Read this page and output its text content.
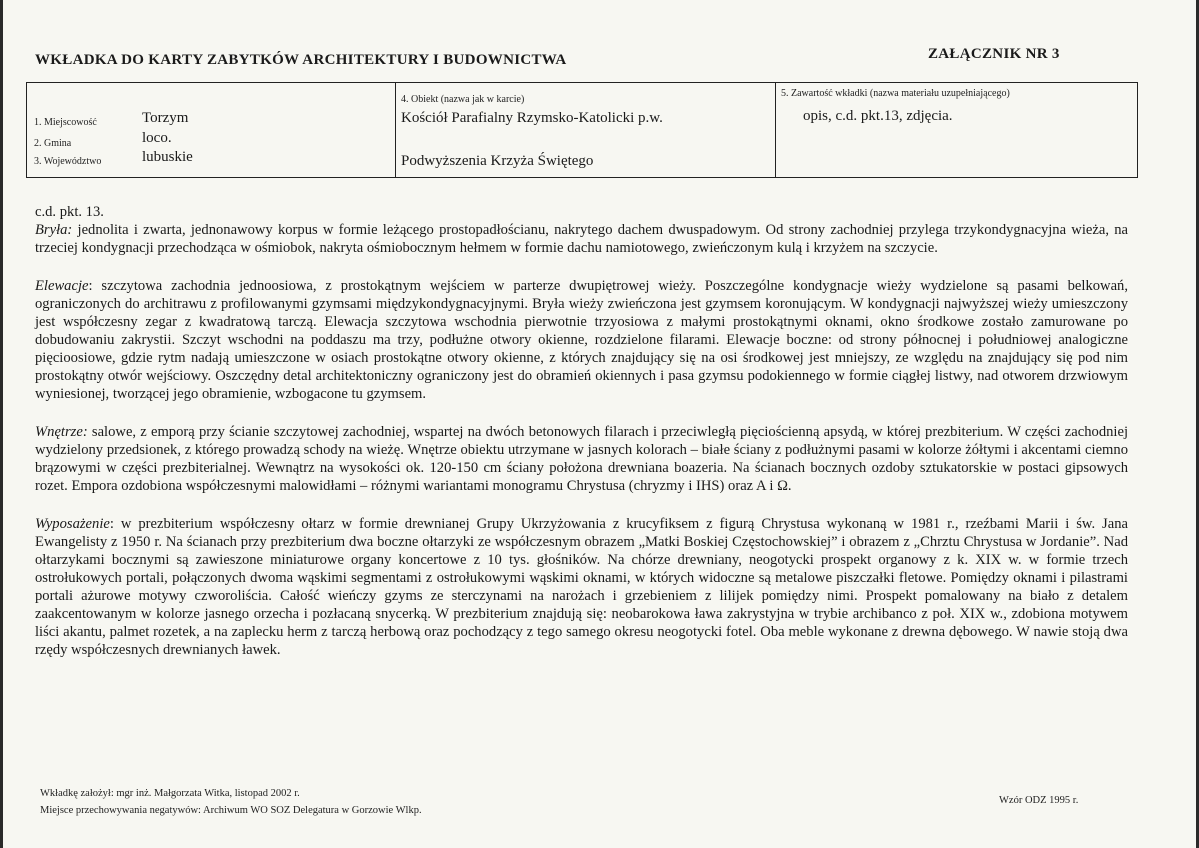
WKŁADKA DO KARTY ZABYTKÓW ARCHITEKTURY I BUDOWNICTWA	ZAŁĄCZNIK NR 3
1. Miejscowość	Torzym
2. Gmina	loco.
3. Województwo	lubuskie
4. Obiekt (nazwa jak w karcie)
Kościół Parafialny Rzymsko-Katolicki p.w.
Podwyższenia Krzyża Świętego
5. Zawartość wkładki (nazwa materiału uzupełniającego)
opis, c.d. pkt.13, zdjęcia.

c.d. pkt. 13.

Bryła: jednolita i zwarta, jednonawowy korpus w formie leżącego prostopadłościanu, nakrytego dachem dwuspadowym. Od strony zachodniej przylega trzykondygnacyjna wieża, na trzeciej kondygnacji przechodząca w ośmiobok, nakryta ośmiobocznym hełmem w formie dachu namiotowego, zwieńczonym kulą i krzyżem na szczycie.

Elewacje: szczytowa zachodnia jednoosiowa, z prostokątnym wejściem w parterze dwupiętrowej wieży. Poszczególne kondygnacje wieży wydzielone są pasami belkowań, ograniczonych do architrawu z profilowanymi gzymsami międzykondygnacyjnymi. Bryła wieży zwieńczona jest gzymsem koronującym. W kondygnacji najwyższej wieży umieszczony jest współczesny zegar z kwadratową tarczą. Elewacja szczytowa wschodnia pierwotnie trzyosiowa z małymi prostokątnymi oknami, okno środkowe zostało zamurowane po dobudowaniu zakrystii. Szczyt wschodni na poddaszu ma trzy, podłużne otwory okienne, rozdzielone filarami. Elewacje boczne: od strony północnej i południowej analogiczne pięcioosiowe, gdzie rytm nadają umieszczone w osiach prostokątne otwory okienne, z których znajdujący się na osi środkowej jest mniejszy, ze względu na znajdujący się pod nim prostokątny otwór wejściowy. Oszczędny detal architektoniczny ograniczony jest do obramień okiennych i pasa gzymsu podokiennego w formie ciągłej listwy, nad otworem drzwiowym wyniesionej, tworzącej jego obramienie, wzbogacone tu gzymsem.

Wnętrze: salowe, z emporą przy ścianie szczytowej zachodniej, wspartej na dwóch betonowych filarach i przeciwległą pięciościenną apsydą, w której prezbiterium. W części zachodniej wydzielony przedsionek, z którego prowadzą schody na wieżę. Wnętrze obiektu utrzymane w jasnych kolorach – białe ściany z podłużnymi pasami w kolorze żółtymi i akcentami ciemno brązowymi w części prezbiterialnej. Wewnątrz na wysokości ok. 120-150 cm ściany położona drewniana boazeria. Na ścianach bocznych ozdoby sztukatorskie w postaci gipsowych rozet. Empora ozdobiona współczesnymi malowidłami – różnymi wariantami monogramu Chrystusa (chryzmy i IHS) oraz A i Ω.

Wyposażenie: w prezbiterium współczesny ołtarz w formie drewnianej Grupy Ukrzyżowania z krucyfiksem z figurą Chrystusa wykonaną w 1981 r., rzeźbami Marii i św. Jana Ewangelisty z 1950 r. Na ścianach przy prezbiterium dwa boczne ołtarzyki ze współczesnym obrazem „Matki Boskiej Częstochowskiej” i obrazem z „Chrztu Chrystusa w Jordanie”. Nad ołtarzykami bocznymi są zawieszone miniaturowe organy koncertowe z 10 tys. głośników. Na chórze drewniany, neogotycki prospekt organowy z k. XIX w. w formie trzech ostrołukowych portali, połączonych dwoma wąskimi segmentami z ostrołukowymi wąskimi oknami, w których widoczne są metalowe piszczałki fletowe. Pomiędzy oknami i pilastrami portali ażurowe motywy czworoliścia. Całość wieńczy gzyms ze sterczynami na narożach i grzebieniem z lilijek pomiędzy nimi. Prospekt pomalowany na biało z detalem zaakcentowanym w kolorze jasnego orzecha i pozłacaną snycerką. W prezbiterium znajdują się: neobarokowa ława zakrystyjna w trybie archibanco z poł. XIX w., zdobiona motywem liści akantu, palmet rozetek, a na zaplecku herm z tarczą herbową oraz pochodzący z tego samego okresu neogotycki fotel. Oba meble wykonane z drewna dębowego. W nawie stoją dwa rzędy współczesnych drewnianych ławek.

Wkładkę założył: mgr inż. Małgorzata Witka, listopad 2002 r.
Miejsce przechowywania negatywów: Archiwum WO SOZ Delegatura w Gorzowie Wlkp.
Wzór ODZ 1995 r.
